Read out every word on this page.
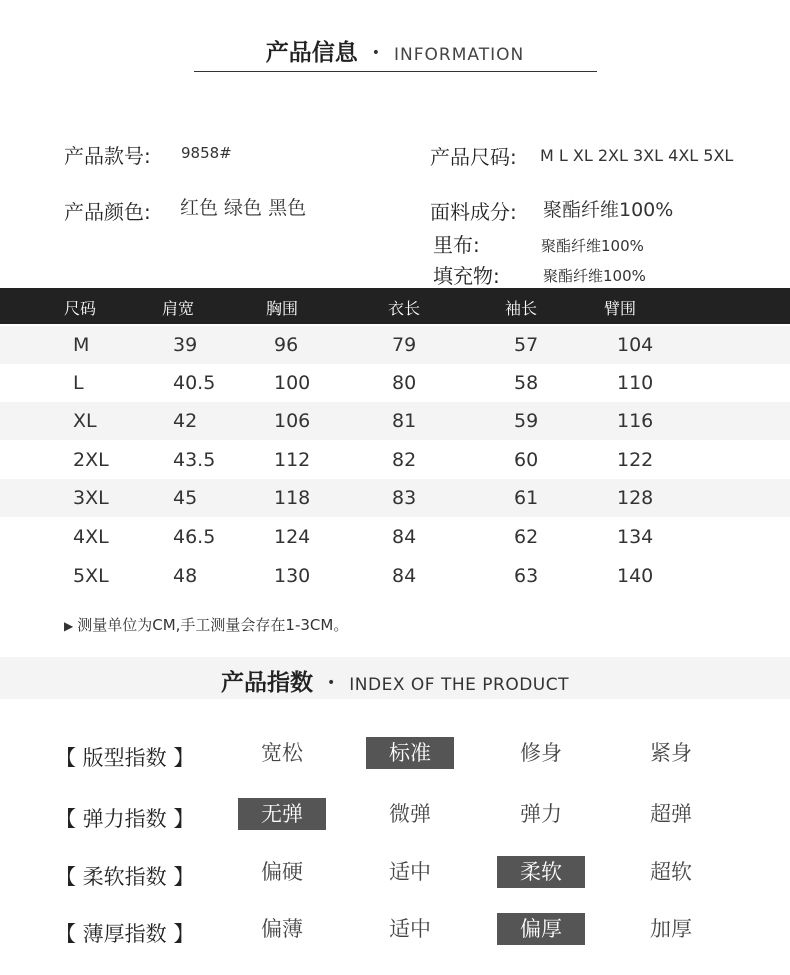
产品信息 • INFORMATION
产品款号: 9858#	产品尺码: M L XL 2XL 3XL 4XL 5XL
产品颜色: 红色 绿色 黑色	面料成分: 聚酯纤维100%
里布:	聚酯纤维100%
填充物:	聚酯纤维100%
尺码	肩宽	胸围	衣长	袖长	臂围
M	39	96	79	57	104
L	40.5	100	80	58	110
XL	42	106	81	59	116
2XL	43.5	112	82	60	122
3XL	45	118	83	61	128
4XL	46.5	124	84	62	134
5XL	48	130	84	63	140
▶ 测量单位为CM,手工测量会存在1-3CM。
产品指数 • INDEX OF THE PRODUCT
【 版型指数 】	宽松	标准	修身	紧身
【 弹力指数 】	无弹	微弹	弹力	超弹
【 柔软指数 】	偏硬	适中	柔软	超软
【 薄厚指数 】	偏薄	适中	偏厚	加厚
